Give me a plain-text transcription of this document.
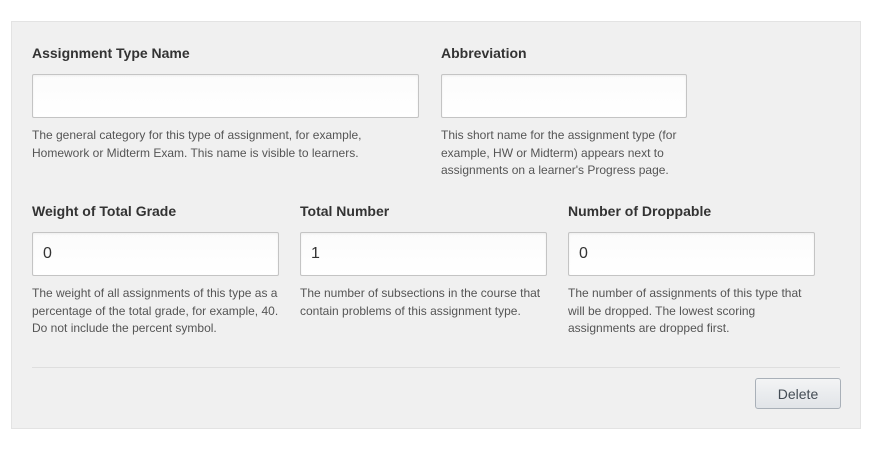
Assignment Type Name
The general category for this type of assignment, for example, Homework or Midterm Exam. This name is visible to learners.
Abbreviation
This short name for the assignment type (for example, HW or Midterm) appears next to assignments on a learner's Progress page.
Weight of Total Grade
0
The weight of all assignments of this type as a percentage of the total grade, for example, 40. Do not include the percent symbol.
Total Number
1
The number of subsections in the course that contain problems of this assignment type.
Number of Droppable
0
The number of assignments of this type that will be dropped. The lowest scoring assignments are dropped first.
Delete
